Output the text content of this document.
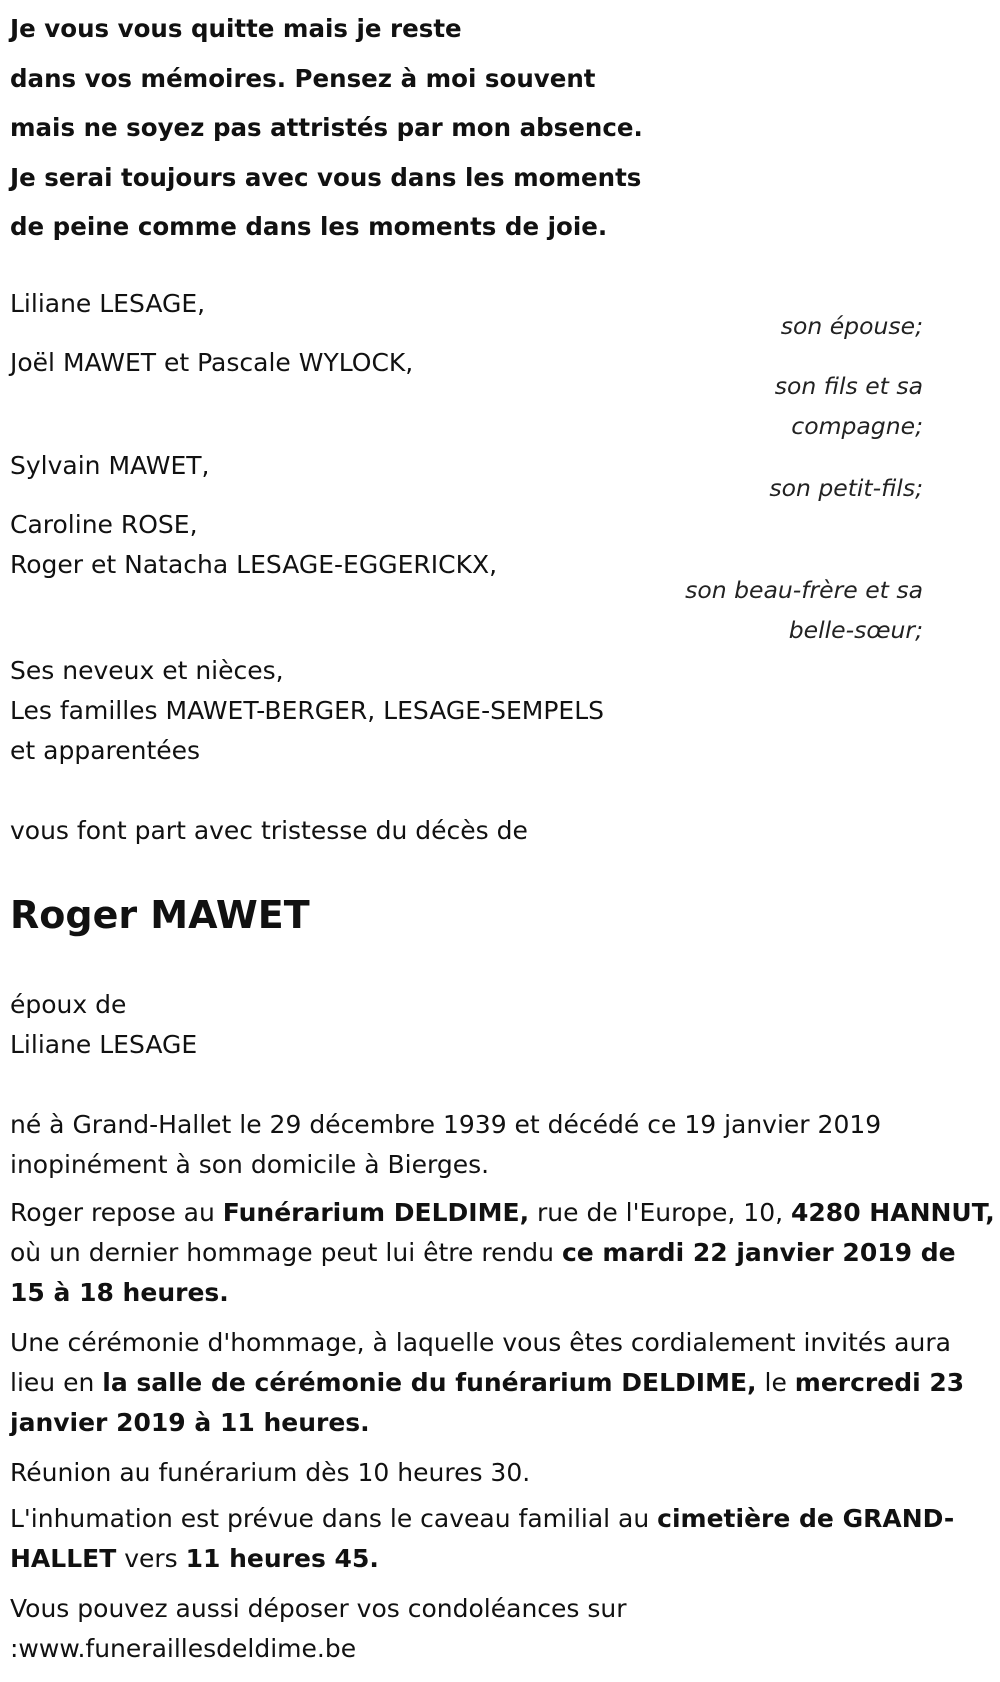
Je vous vous quitte mais je reste
dans vos mémoires. Pensez à moi souvent
mais ne soyez pas attristés par mon absence.
Je serai toujours avec vous dans les moments
de peine comme dans les moments de joie.
Liliane LESAGE,
son épouse;
Joël MAWET et Pascale WYLOCK,
son fils et sa
compagne;
Sylvain MAWET,
son petit-fils;
Caroline ROSE,
Roger et Natacha LESAGE-EGGERICKX,
son beau-frère et sa
belle-sœur;
Ses neveux et nièces,
Les familles MAWET-BERGER, LESAGE-SEMPELS
et apparentées
vous font part avec tristesse du décès de
Roger MAWET
époux de
Liliane LESAGE
né à Grand-Hallet le 29 décembre 1939 et décédé ce 19 janvier 2019 inopinément à son domicile à Bierges.
Roger repose au Funérarium DELDIME, rue de l'Europe, 10, 4280 HANNUT, où un dernier hommage peut lui être rendu ce mardi 22 janvier 2019 de 15 à 18 heures.
Une cérémonie d'hommage, à laquelle vous êtes cordialement invités aura lieu en la salle de cérémonie du funérarium DELDIME, le mercredi 23 janvier 2019 à 11 heures.
Réunion au funérarium dès 10 heures 30.
L'inhumation est prévue dans le caveau familial au cimetière de GRAND-HALLET vers 11 heures 45.
Vous pouvez aussi déposer vos condoléances sur
:www.funeraillesdeldime.be
